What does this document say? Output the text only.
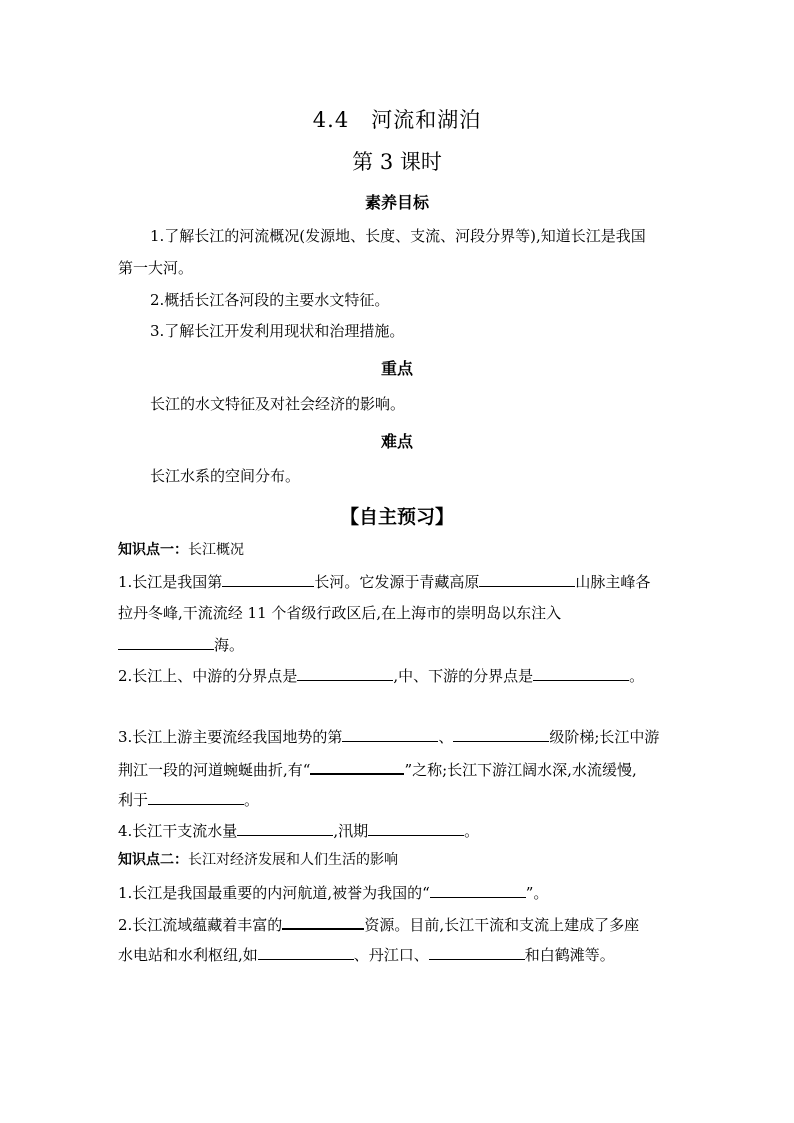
4.4　河流和湖泊
第 3 课时
素养目标
1.了解长江的河流概况(发源地、长度、支流、河段分界等),知道长江是我国
第一大河。
2.概括长江各河段的主要水文特征。
3.了解长江开发利用现状和治理措施。
重点
长江的水文特征及对社会经济的影响。
难点
长江水系的空间分布。
【自主预习】
知识点一：长江概况
1.长江是我国第	长河。它发源于青藏高原	山脉主峰各
拉丹冬峰,干流流经 11 个省级行政区后,在上海市的崇明岛以东注入
海。
2.长江上、中游的分界点是	,中、下游的分界点是	。
3.长江上游主要流经我国地势的第	、	级阶梯;长江中游
荆江一段的河道蜿蜒曲折,有“	”之称;长江下游江阔水深,水流缓慢,
利于	。
4.长江干支流水量	,汛期	。
知识点二：长江对经济发展和人们生活的影响
1.长江是我国最重要的内河航道,被誉为我国的“	”。
2.长江流域蕴藏着丰富的	资源。目前,长江干流和支流上建成了多座
水电站和水利枢纽,如	、丹江口、	和白鹤滩等。
